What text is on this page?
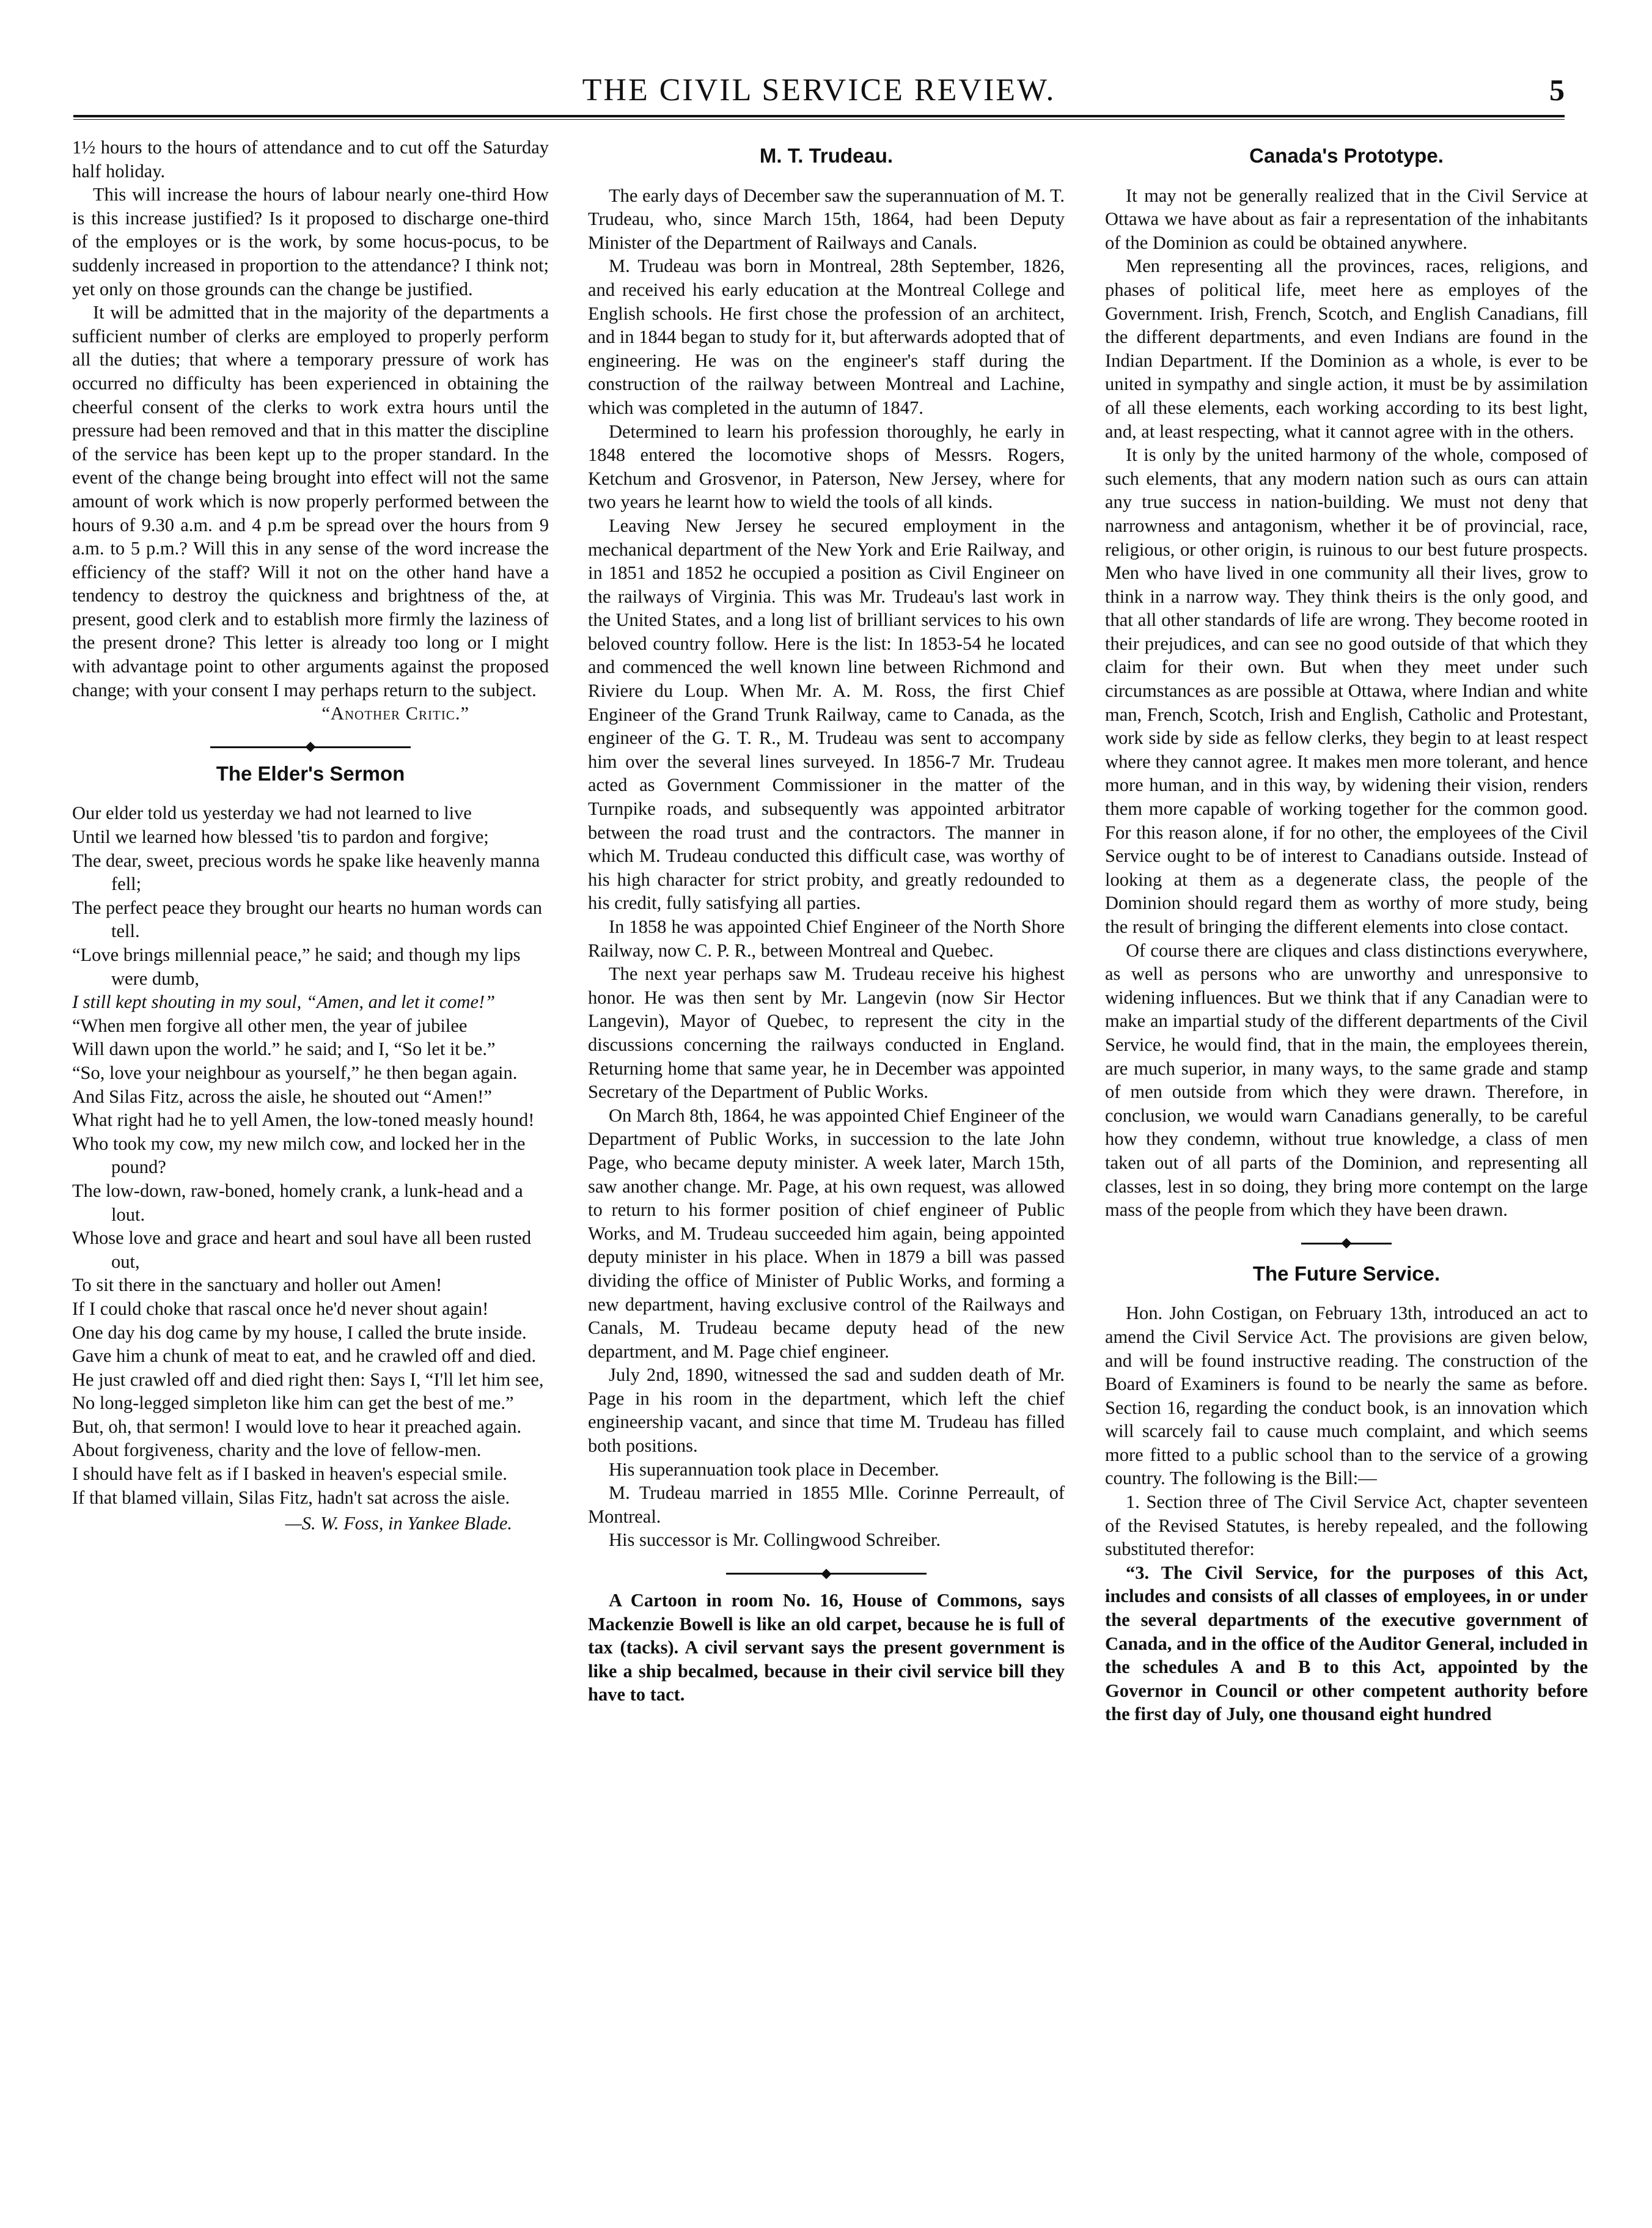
THE CIVIL SERVICE REVIEW.	5

1½ hours to the hours of attendance and to cut off the Saturday half holiday.

This will increase the hours of labour nearly one-third How is this increase justified? Is it proposed to discharge one-third of the employes or is the work, by some hocus-pocus, to be suddenly increased in proportion to the attendance? I think not; yet only on those grounds can the change be justified.

It will be admitted that in the majority of the departments a sufficient number of clerks are employed to properly perform all the duties; that where a temporary pressure of work has occurred no difficulty has been experienced in obtaining the cheerful consent of the clerks to work extra hours until the pressure had been removed and that in this matter the discipline of the service has been kept up to the proper standard. In the event of the change being brought into effect will not the same amount of work which is now properly performed between the hours of 9.30 a.m. and 4 p.m be spread over the hours from 9 a.m. to 5 p.m.? Will this in any sense of the word increase the efficiency of the staff? Will it not on the other hand have a tendency to destroy the quickness and brightness of the, at present, good clerk and to establish more firmly the laziness of the present drone? This letter is already too long or I might with advantage point to other arguments against the proposed change; with your consent I may perhaps return to the subject.

“Another Critic.”

The Elder's Sermon

Our elder told us yesterday we had not learned to live

Until we learned how blessed 'tis to pardon and forgive;

The dear, sweet, precious words he spake like heavenly manna fell;

The perfect peace they brought our hearts no human words can tell.

“Love brings millennial peace,” he said; and though my lips were dumb,

I still kept shouting in my soul, “Amen, and let it come!”

“When men forgive all other men, the year of jubilee

Will dawn upon the world.” he said; and I, “So let it be.”

“So, love your neighbour as yourself,” he then began again.

And Silas Fitz, across the aisle, he shouted out “Amen!”

What right had he to yell Amen, the low-toned measly hound!

Who took my cow, my new milch cow, and locked her in the pound?

The low-down, raw-boned, homely crank, a lunk-head and a lout.

Whose love and grace and heart and soul have all been rusted out,

To sit there in the sanctuary and holler out Amen!

If I could choke that rascal once he'd never shout again!

One day his dog came by my house, I called the brute inside.

Gave him a chunk of meat to eat, and he crawled off and died.

He just crawled off and died right then: Says I, “I'll let him see,

No long-legged simpleton like him can get the best of me.”

But, oh, that sermon! I would love to hear it preached again.

About forgiveness, charity and the love of fellow-men.

I should have felt as if I basked in heaven's especial smile.

If that blamed villain, Silas Fitz, hadn't sat across the aisle.

—S. W. Foss, in Yankee Blade.

M. T. Trudeau.

The early days of December saw the superannuation of M. T. Trudeau, who, since March 15th, 1864, had been Deputy Minister of the Department of Railways and Canals.

M. Trudeau was born in Montreal, 28th September, 1826, and received his early education at the Montreal College and English schools. He first chose the profession of an architect, and in 1844 began to study for it, but afterwards adopted that of engineering. He was on the engineer's staff during the construction of the railway between Montreal and Lachine, which was completed in the autumn of 1847.

Determined to learn his profession thoroughly, he early in 1848 entered the locomotive shops of Messrs. Rogers, Ketchum and Grosvenor, in Paterson, New Jersey, where for two years he learnt how to wield the tools of all kinds.

Leaving New Jersey he secured employment in the mechanical department of the New York and Erie Railway, and in 1851 and 1852 he occupied a position as Civil Engineer on the railways of Virginia. This was Mr. Trudeau's last work in the United States, and a long list of brilliant services to his own beloved country follow. Here is the list: In 1853-54 he located and commenced the well known line between Richmond and Riviere du Loup. When Mr. A. M. Ross, the first Chief Engineer of the Grand Trunk Railway, came to Canada, as the engineer of the G. T. R., M. Trudeau was sent to accompany him over the several lines surveyed. In 1856-7 Mr. Trudeau acted as Government Commissioner in the matter of the Turnpike roads, and subsequently was appointed arbitrator between the road trust and the contractors. The manner in which M. Trudeau conducted this difficult case, was worthy of his high character for strict probity, and greatly redounded to his credit, fully satisfying all parties.

In 1858 he was appointed Chief Engineer of the North Shore Railway, now C. P. R., between Montreal and Quebec.

The next year perhaps saw M. Trudeau receive his highest honor. He was then sent by Mr. Langevin (now Sir Hector Langevin), Mayor of Quebec, to represent the city in the discussions concerning the railways conducted in England. Returning home that same year, he in December was appointed Secretary of the Department of Public Works.

On March 8th, 1864, he was appointed Chief Engineer of the Department of Public Works, in succession to the late John Page, who became deputy minister. A week later, March 15th, saw another change. Mr. Page, at his own request, was allowed to return to his former position of chief engineer of Public Works, and M. Trudeau succeeded him again, being appointed deputy minister in his place. When in 1879 a bill was passed dividing the office of Minister of Public Works, and forming a new department, having exclusive control of the Railways and Canals, M. Trudeau became deputy head of the new department, and M. Page chief engineer.

July 2nd, 1890, witnessed the sad and sudden death of Mr. Page in his room in the department, which left the chief engineership vacant, and since that time M. Trudeau has filled both positions.

His superannuation took place in December.

M. Trudeau married in 1855 Mlle. Corinne Perreault, of Montreal.

His successor is Mr. Collingwood Schreiber.

A Cartoon in room No. 16, House of Commons, says Mackenzie Bowell is like an old carpet, because he is full of tax (tacks). A civil servant says the present government is like a ship becalmed, because in their civil service bill they have to tact.

Canada's Prototype.

It may not be generally realized that in the Civil Service at Ottawa we have about as fair a representation of the inhabitants of the Dominion as could be obtained anywhere.

Men representing all the provinces, races, religions, and phases of political life, meet here as employes of the Government. Irish, French, Scotch, and English Canadians, fill the different departments, and even Indians are found in the Indian Department. If the Dominion as a whole, is ever to be united in sympathy and single action, it must be by assimilation of all these elements, each working according to its best light, and, at least respecting, what it cannot agree with in the others.

It is only by the united harmony of the whole, composed of such elements, that any modern nation such as ours can attain any true success in nation-building. We must not deny that narrowness and antagonism, whether it be of provincial, race, religious, or other origin, is ruinous to our best future prospects. Men who have lived in one community all their lives, grow to think in a narrow way. They think theirs is the only good, and that all other standards of life are wrong. They become rooted in their prejudices, and can see no good outside of that which they claim for their own. But when they meet under such circumstances as are possible at Ottawa, where Indian and white man, French, Scotch, Irish and English, Catholic and Protestant, work side by side as fellow clerks, they begin to at least respect where they cannot agree. It makes men more tolerant, and hence more human, and in this way, by widening their vision, renders them more capable of working together for the common good. For this reason alone, if for no other, the employees of the Civil Service ought to be of interest to Canadians outside. Instead of looking at them as a degenerate class, the people of the Dominion should regard them as worthy of more study, being the result of bringing the different elements into close contact.

Of course there are cliques and class distinctions everywhere, as well as persons who are unworthy and unresponsive to widening influences. But we think that if any Canadian were to make an impartial study of the different departments of the Civil Service, he would find, that in the main, the employees therein, are much superior, in many ways, to the same grade and stamp of men outside from which they were drawn. Therefore, in conclusion, we would warn Canadians generally, to be careful how they condemn, without true knowledge, a class of men taken out of all parts of the Dominion, and representing all classes, lest in so doing, they bring more contempt on the large mass of the people from which they have been drawn.

The Future Service.

Hon. John Costigan, on February 13th, introduced an act to amend the Civil Service Act. The provisions are given below, and will be found instructive reading. The construction of the Board of Examiners is found to be nearly the same as before. Section 16, regarding the conduct book, is an innovation which will scarcely fail to cause much complaint, and which seems more fitted to a public school than to the service of a growing country. The following is the Bill:—

1. Section three of The Civil Service Act, chapter seventeen of the Revised Statutes, is hereby repealed, and the following substituted therefor:

“3. The Civil Service, for the purposes of this Act, includes and consists of all classes of employees, in or under the several departments of the executive government of Canada, and in the office of the Auditor General, included in the schedules A and B to this Act, appointed by the Governor in Council or other competent authority before the first day of July, one thousand eight hundred
